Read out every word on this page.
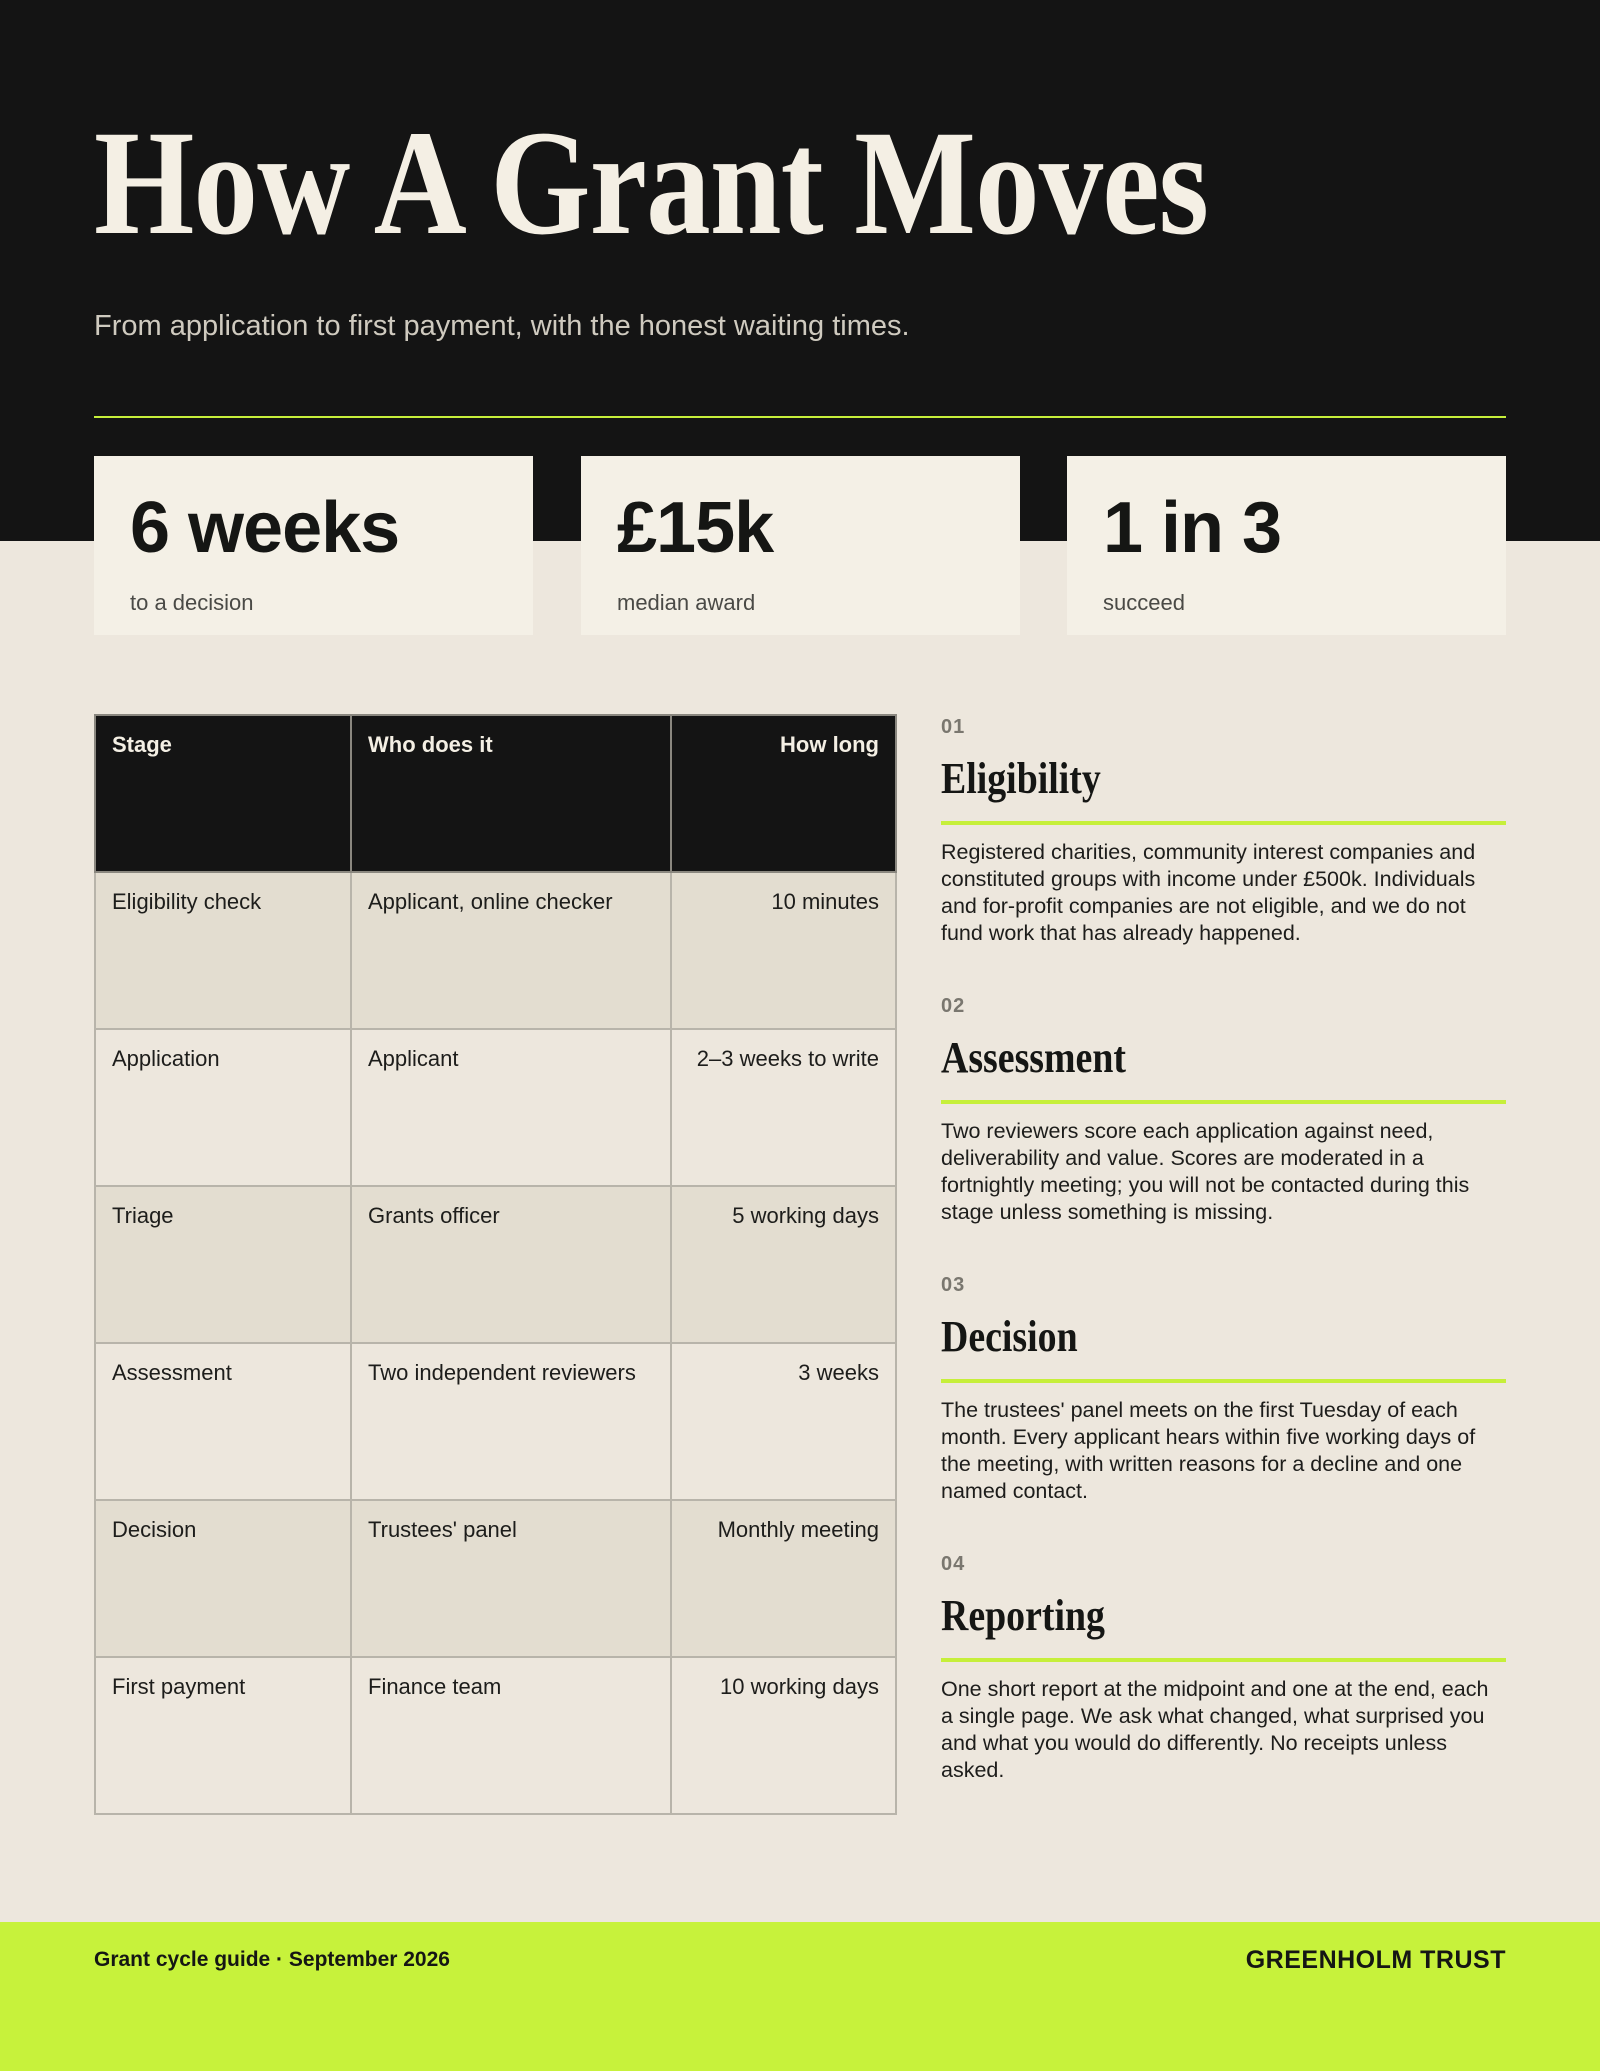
How A Grant Moves

From application to first payment, with the honest waiting times.

6 weeks
to a decision
£15k
median award
1 in 3
succeed
Stage	Who does it	How long
Eligibility check	Applicant, online checker	10 minutes
Application	Applicant	2–3 weeks to write
Triage	Grants officer	5 working days
Assessment	Two independent reviewers	3 weeks
Decision	Trustees' panel	Monthly meeting
First payment	Finance team	10 working days
01
Eligibility

Registered charities, community interest companies and constituted groups with income under £500k. Individuals and for-profit companies are not eligible, and we do not fund work that has already happened.

02
Assessment

Two reviewers score each application against need, deliverability and value. Scores are moderated in a fortnightly meeting; you will not be contacted during this stage unless something is missing.

03
Decision

The trustees' panel meets on the first Tuesday of each month. Every applicant hears within five working days of the meeting, with written reasons for a decline and one named contact.

04
Reporting

One short report at the midpoint and one at the end, each a single page. We ask what changed, what surprised you and what you would do differently. No receipts unless asked.

Grant cycle guide · September 2026	GREENHOLM TRUST
